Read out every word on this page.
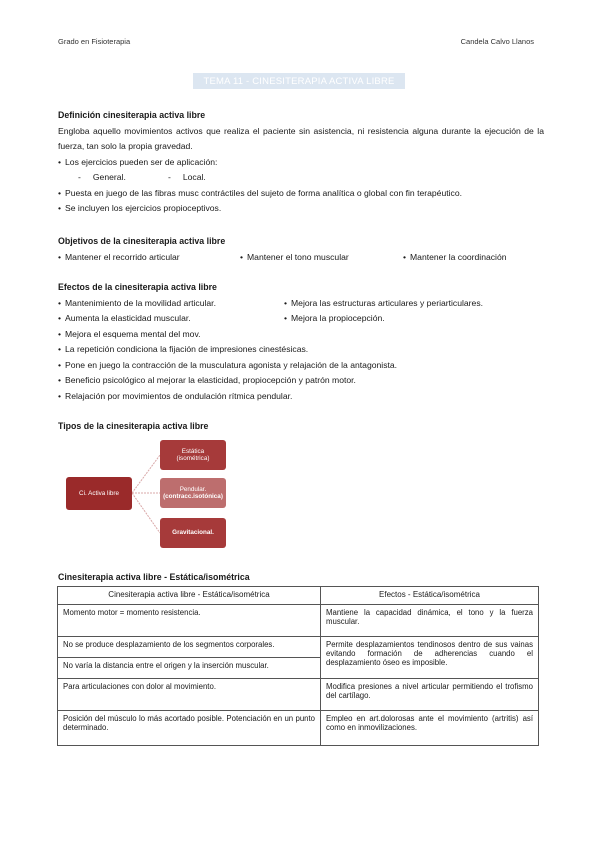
Grado en Fisioterapia	Candela Calvo Llanos
TEMA 11 - CINESITERAPIA ACTIVA LIBRE
Definición cinesiterapia activa libre
Engloba aquello movimientos activos que realiza el paciente sin asistencia, ni resistencia alguna durante la ejecución de la fuerza, tan solo la propia gravedad.
• Los ejercicios pueden ser de aplicación:
- General.	- Local.
• Puesta en juego de las fibras musc contráctiles del sujeto de forma analítica o global con fin terapéutico.
• Se incluyen los ejercicios propioceptivos.
Objetivos de la cinesiterapia activa libre
• Mantener el recorrido articular	• Mantener el tono muscular	• Mantener la coordinación
Efectos de la cinesiterapia activa libre
• Mantenimiento de la movilidad articular.	• Mejora las estructuras articulares y periarticulares.
• Aumenta la elasticidad muscular.	• Mejora la propiocepción.
• Mejora el esquema mental del mov.
• La repetición condiciona la fijación de impresiones cinestésicas.
• Pone en juego la contracción de la musculatura agonista y relajación de la antagonista.
• Beneficio psicológico al mejorar la elasticidad, propiocepción y patrón motor.
• Relajación por movimientos de ondulación rítmica pendular.
Tipos de la cinesiterapia activa libre
Ci. Activa libre
Estática
(isométrica)
Pendular.
(contracc.isotónica)
Gravitacional.
Cinesiterapia activa libre - Estática/isométrica
Cinesiterapia activa libre - Estática/isométrica	Efectos - Estática/isométrica
Momento motor = momento resistencia.	Mantiene la capacidad dinámica, el tono y la fuerza muscular.
No se produce desplazamiento de los segmentos corporales.	Permite desplazamientos tendinosos dentro de sus vainas evitando formación de adherencias cuando el desplazamiento óseo es imposible.
No varía la distancia entre el origen y la inserción muscular.	
Para articulaciones con dolor al movimiento.	Modifica presiones a nivel articular permitiendo el trofismo del cartílago.
Posición del músculo lo más acortado posible. Potenciación en un punto determinado.	Empleo en art.dolorosas ante el movimiento (artritis) así como en inmovilizaciones.
